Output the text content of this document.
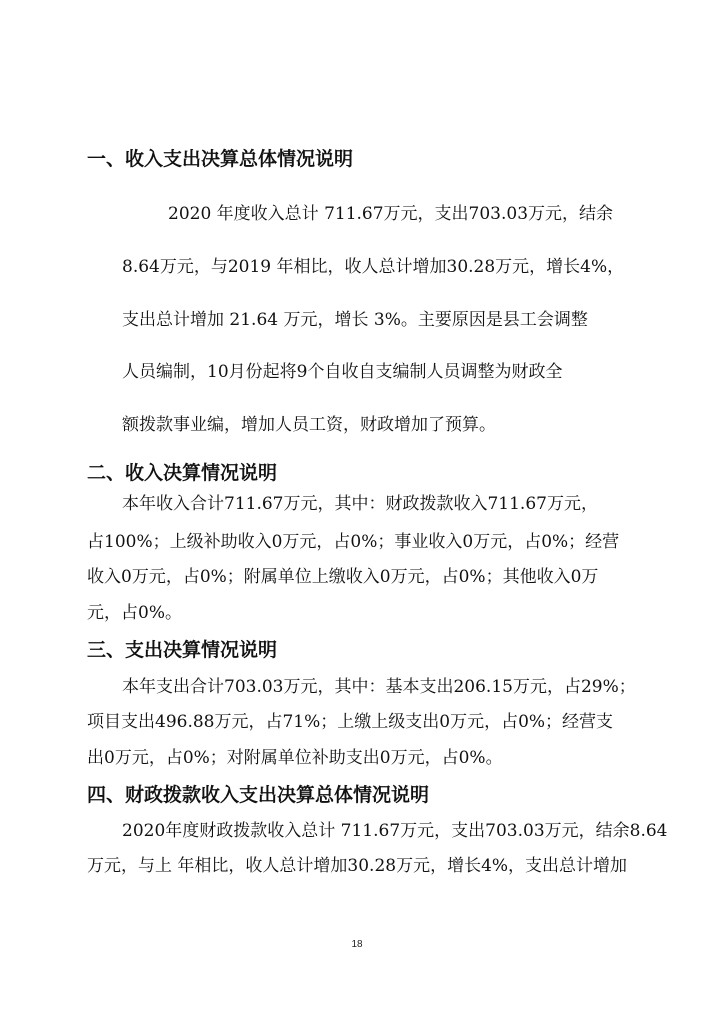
一、收入支出决算总体情况说明
2020 年度收入总计 711.67万元，支出703.03万元，结余
8.64万元，与2019 年相比，收人总计增加30.28万元，增长4%，
支出总计增加 21.64 万元，增长 3%。主要原因是县工会调整
人员编制，10月份起将9个自收自支编制人员调整为财政全
额拨款事业编，增加人员工资，财政增加了预算。
二、收入决算情况说明
本年收入合计711.67万元，其中：财政拨款收入711.67万元，
占100%；上级补助收入0万元，占0%；事业收入0万元，占0%；经营
收入0万元，占0%；附属单位上缴收入0万元，占0%；其他收入0万
元，占0%。
三、支出决算情况说明
本年支出合计703.03万元，其中：基本支出206.15万元，占29%；
项目支出496.88万元，占71%；上缴上级支出0万元，占0%；经营支
出0万元，占0%；对附属单位补助支出0万元，占0%。
四、财政拨款收入支出决算总体情况说明
2020年度财政拨款收入总计 711.67万元，支出703.03万元，结余8.64
万元，与上 年相比，收人总计增加30.28万元，增长4%，支出总计增加
18
